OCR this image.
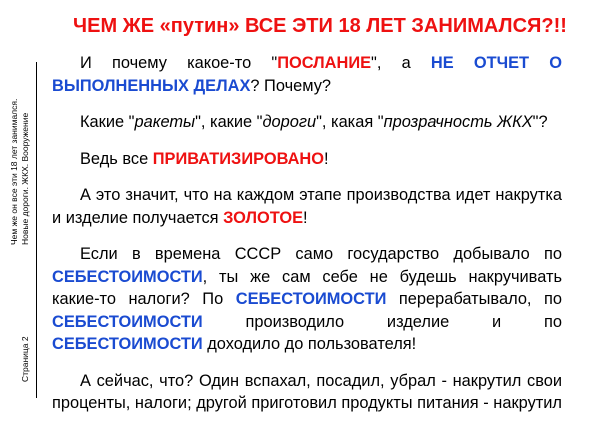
Чем же он все эти 18 лет занимался. Новые дороги. ЖКХ. Вооружение
Страница 2
ЧЕМ ЖЕ «путин» ВСЕ ЭТИ 18 ЛЕТ ЗАНИМАЛСЯ?!!

И почему какое-то "ПОСЛАНИЕ", а НЕ ОТЧЕТ О ВЫПОЛНЕННЫХ ДЕЛАХ? Почему?

Какие "ракеты", какие "дороги", какая "прозрачность ЖКХ"?

Ведь все ПРИВАТИЗИРОВАНО!

А это значит, что на каждом этапе производства идет накрутка и изделие получается ЗОЛОТОЕ!

Если в времена СССР само государство добывало по СЕБЕСТОИМОСТИ, ты же сам себе не будешь накручивать какие-то налоги? По СЕБЕСТОИМОСТИ перерабатывало, по СЕБЕСТОИМОСТИ производило изделие и по СЕБЕСТОИМОСТИ доходило до пользователя!

А сейчас, что? Один вспахал, посадил, убрал - накрутил свои проценты, налоги; другой приготовил продукты питания - накрутил
